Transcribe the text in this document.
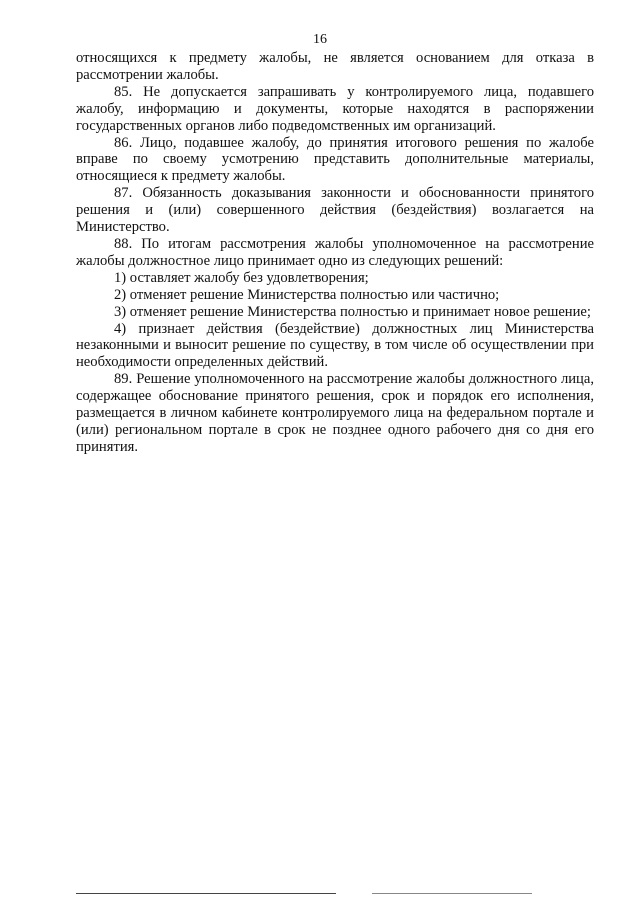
16

относящихся к предмету жалобы, не является основанием для отказа в рассмотрении жалобы.

85. Не допускается запрашивать у контролируемого лица, подавшего жалобу, информацию и документы, которые находятся в распоряжении государственных органов либо подведомственных им организаций.

86. Лицо, подавшее жалобу, до принятия итогового решения по жалобе вправе по своему усмотрению представить дополнительные материалы, относящиеся к предмету жалобы.

87. Обязанность доказывания законности и обоснованности принятого решения и (или) совершенного действия (бездействия) возлагается на Министерство.

88. По итогам рассмотрения жалобы уполномоченное на рассмотрение жалобы должностное лицо принимает одно из следующих решений:

1) оставляет жалобу без удовлетворения;

2) отменяет решение Министерства полностью или частично;

3) отменяет решение Министерства полностью и принимает новое решение;

4) признает действия (бездействие) должностных лиц Министерства незаконными и выносит решение по существу, в том числе об осуществлении при необходимости определенных действий.

89. Решение уполномоченного на рассмотрение жалобы должностного лица, содержащее обоснование принятого решения, срок и порядок его исполнения, размещается в личном кабинете контролируемого лица на федеральном портале и (или) региональном портале в срок не позднее одного рабочего дня со дня его принятия.
